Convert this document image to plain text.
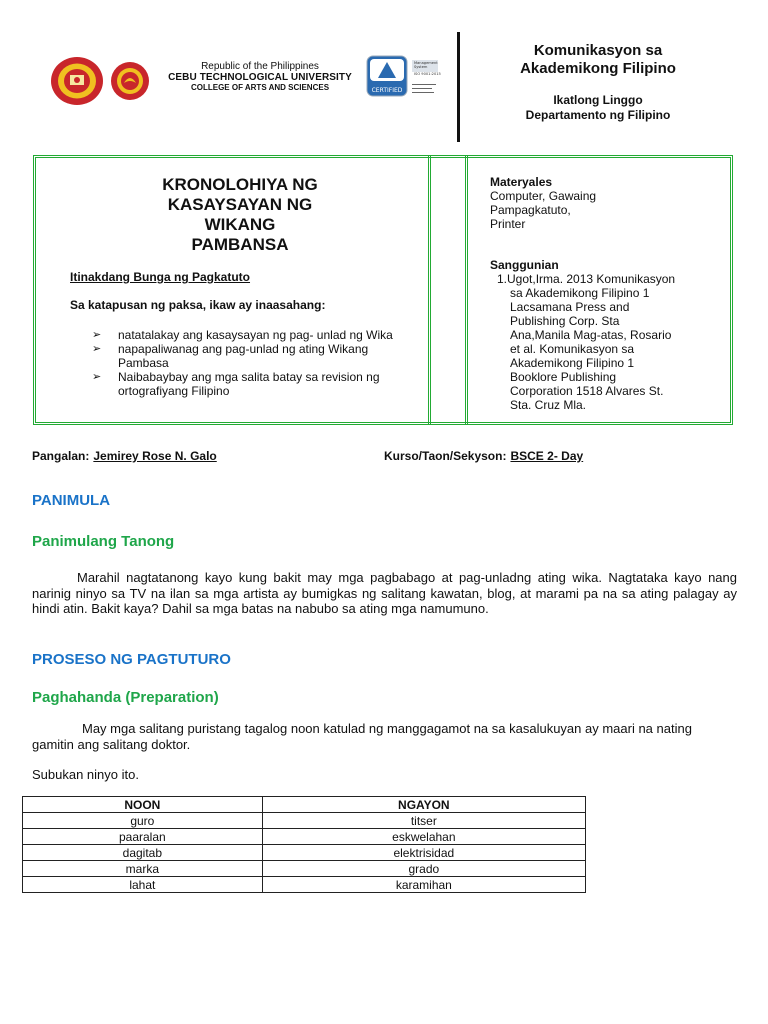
Republic of the Philippines
CEBU TECHNOLOGICAL UNIVERSITY
COLLEGE OF ARTS AND SCIENCES	CERTIFIED
Management
System
ISO 9001:2015
Komunikasyon sa
Akademikong Filipino
Ikatlong Linggo
Departamento ng Filipino
KRONOLOHIYA NG
KASAYSAYAN NG
WIKANG
PAMBANSA
Itinakdang Bunga ng Pagkatuto
Sa katapusan ng paksa, ikaw ay inaasahang:
➢ natatalakay ang kasaysayan ng pag- unlad ng Wika
➢ napapaliwanag ang pag-unlad ng ating Wikang Pambasa
➢ Naibabaybay ang mga salita batay sa revision ng ortografiyang Filipino
Materyales
Computer, Gawaing
Pampagkatuto,
Printer
Sanggunian
1.Ugot,Irma. 2013 Komunikasyon
sa Akademikong Filipino 1
Lacsamana Press and
Publishing Corp. Sta
Ana,Manila Mag-atas, Rosario
et al. Komunikasyon sa
Akademikong Filipino 1
Booklore Publishing
Corporation 1518 Alvares St.
Sta. Cruz Mla.
Pangalan: Jemirey Rose N. Galo	Kurso/Taon/Sekyson: BSCE 2- Day
PANIMULA
Panimulang Tanong

Marahil nagtatanong kayo kung bakit may mga pagbabago at pag-unladng ating wika. Nagtataka kayo nang narinig ninyo sa TV na ilan sa mga artista ay bumigkas ng salitang kawatan, blog, at marami pa na sa ating palagay ay hindi atin. Bakit kaya? Dahil sa mga batas na nabubo sa ating mga namumuno.

PROSESO NG PAGTUTURO
Paghahanda (Preparation)

May mga salitang puristang tagalog noon katulad ng manggagamot na sa kasalukuyan ay maari na nating gamitin ang salitang doktor.

Subukan ninyo ito.
NOON	NGAYON
guro	titser
paaralan	eskwelahan
dagitab	elektrisidad
marka	grado
lahat	karamihan
